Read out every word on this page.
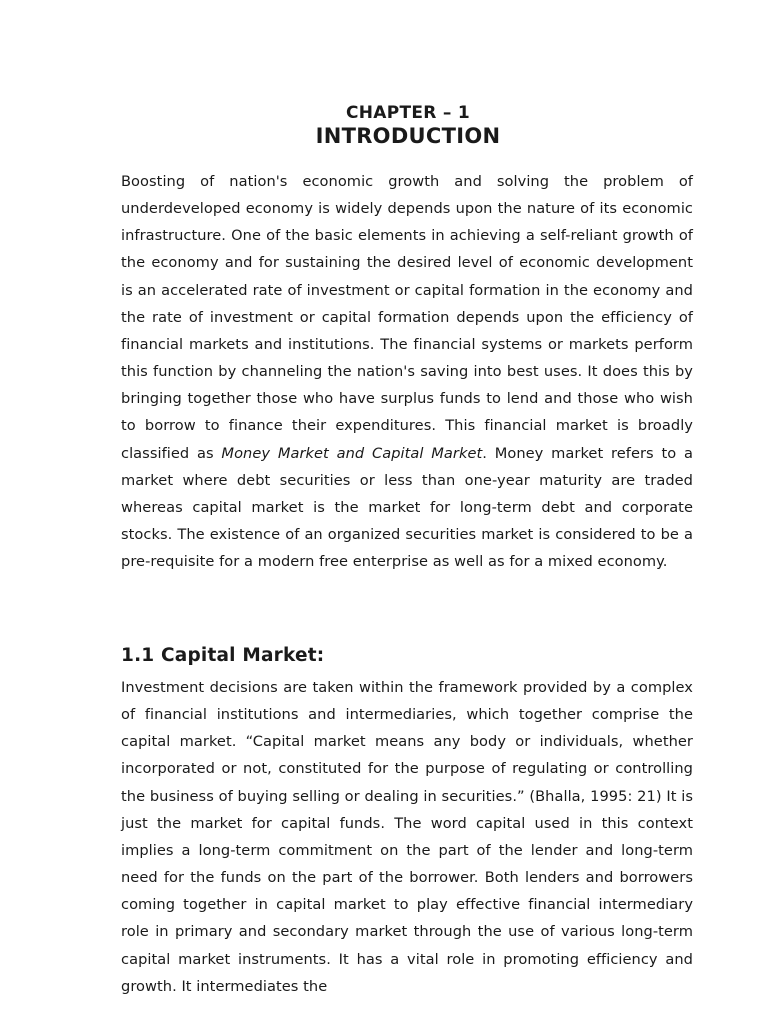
CHAPTER – 1
INTRODUCTION

Boosting of nation's economic growth and solving the problem of underdeveloped economy is widely depends upon the nature of its economic infrastructure. One of the basic elements in achieving a self-reliant growth of the economy and for sustaining the desired level of economic development is an accelerated rate of investment or capital formation in the economy and the rate of investment or capital formation depends upon the efficiency of financial markets and institutions. The financial systems or markets perform this function by channeling the nation's saving into best uses. It does this by bringing together those who have surplus funds to lend and those who wish to borrow to finance their expenditures. This financial market is broadly classified as Money Market and Capital Market. Money market refers to a market where debt securities or less than one-year maturity are traded whereas capital market is the market for long-term debt and corporate stocks. The existence of an organized securities market is considered to be a pre-requisite for a modern free enterprise as well as for a mixed economy.

1.1 Capital Market:

Investment decisions are taken within the framework provided by a complex of financial institutions and intermediaries, which together comprise the capital market. “Capital market means any body or individuals, whether incorporated or not, constituted for the purpose of regulating or controlling the business of buying selling or dealing in securities.” (Bhalla, 1995: 21) It is just the market for capital funds. The word capital used in this context implies a long-term commitment on the part of the lender and long-term need for the funds on the part of the borrower. Both lenders and borrowers coming together in capital market to play effective financial intermediary role in primary and secondary market through the use of various long-term capital market instruments. It has a vital role in promoting efficiency and growth. It intermediates the
